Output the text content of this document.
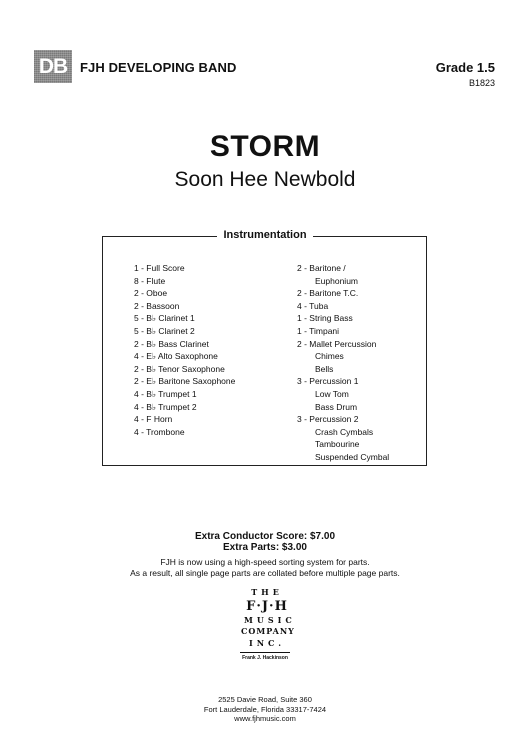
DB FJH DEVELOPING BAND	Grade 1.5
B1823
STORM
Soon Hee Newbold
Instrumentation
1 - Full Score
8 - Flute
2 - Oboe
2 - Bassoon
5 - B♭ Clarinet 1
5 - B♭ Clarinet 2
2 - B♭ Bass Clarinet
4 - E♭ Alto Saxophone
2 - B♭ Tenor Saxophone
2 - E♭ Baritone Saxophone
4 - B♭ Trumpet 1
4 - B♭ Trumpet 2
4 - F Horn
4 - Trombone
2 - Baritone /
Euphonium
2 - Baritone T.C.
4 - Tuba
1 - String Bass
1 - Timpani
2 - Mallet Percussion
Chimes
Bells
3 - Percussion 1
Low Tom
Bass Drum
3 - Percussion 2
Crash Cymbals
Tambourine
Suspended Cymbal
Extra Conductor Score: $7.00
Extra Parts: $3.00
FJH is now using a high-speed sorting system for parts.
As a result, all single page parts are collated before multiple page parts.
THE
F·J·H
MUSIC
COMPANY
INC.
Frank J. Hackinson
2525 Davie Road, Suite 360
Fort Lauderdale, Florida 33317-7424
www.fjhmusic.com
